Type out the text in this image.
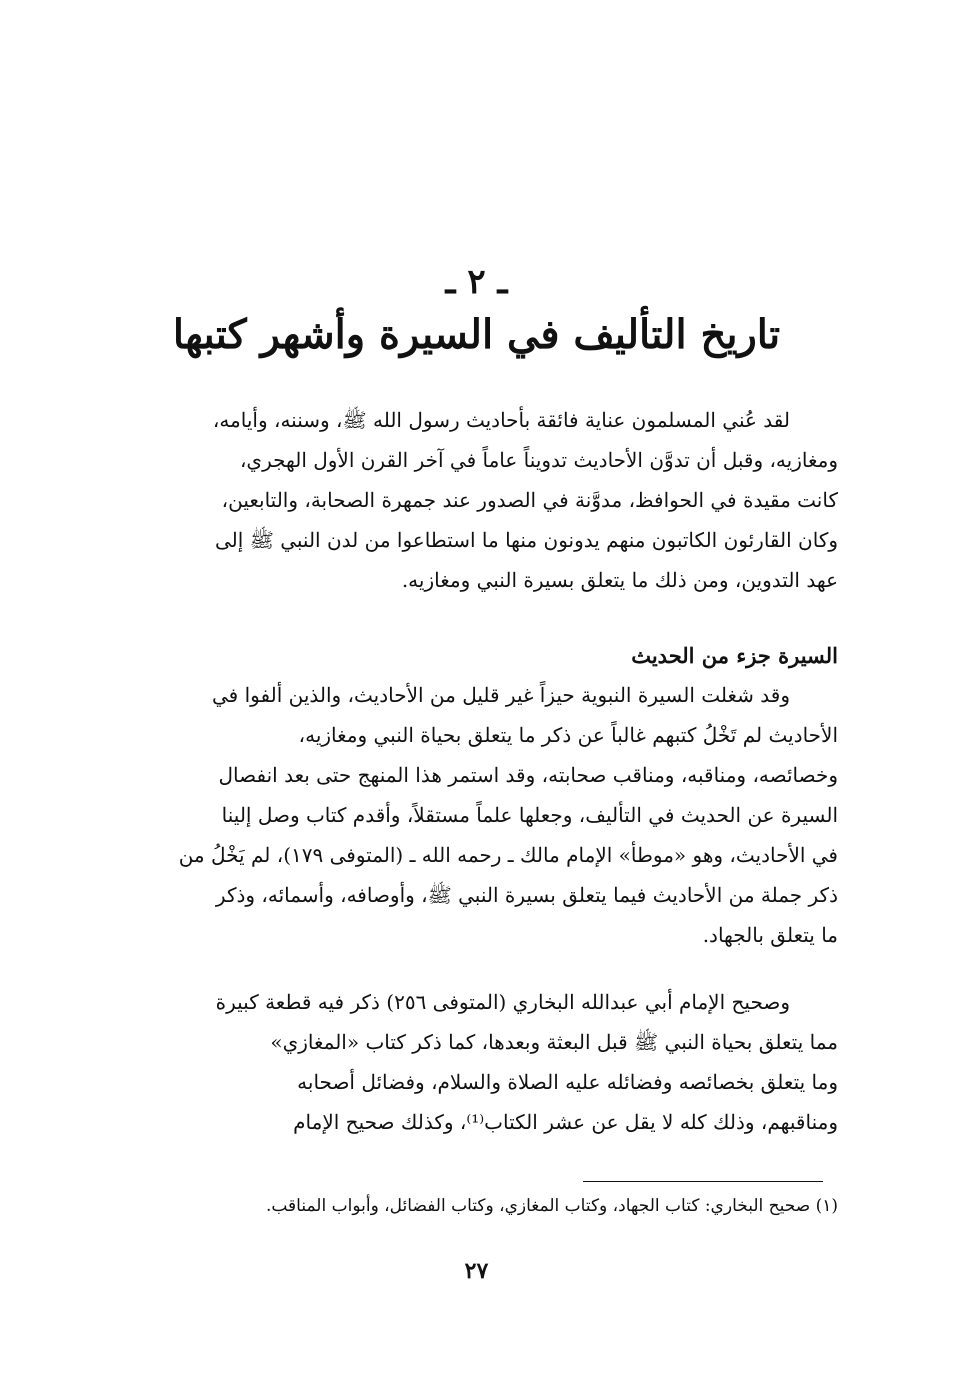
ـ ٢ ـ
تاريخ التأليف في السيرة وأشهر كتبها
لقد عُني المسلمون عناية فائقة بأحاديث رسول الله ﷺ، وسننه، وأيامه،
ومغازيه، وقبل أن تدوَّن الأحاديث تدويناً عاماً في آخر القرن الأول الهجري،
كانت مقيدة في الحوافظ، مدوَّنة في الصدور عند جمهرة الصحابة، والتابعين،
وكان القارئون الكاتبون منهم يدونون منها ما استطاعوا من لدن النبي ﷺ إلى
عهد التدوين، ومن ذلك ما يتعلق بسيرة النبي ومغازيه.
السيرة جزء من الحديث
وقد شغلت السيرة النبوية حيزاً غير قليل من الأحاديث، والذين ألفوا في
الأحاديث لم تَخْلُ كتبهم غالباً عن ذكر ما يتعلق بحياة النبي ومغازيه،
وخصائصه، ومناقبه، ومناقب صحابته، وقد استمر هذا المنهج حتى بعد انفصال
السيرة عن الحديث في التأليف، وجعلها علماً مستقلاً، وأقدم كتاب وصل إلينا
في الأحاديث، وهو «موطأ» الإمام مالك ـ رحمه الله ـ (المتوفى ١٧٩)، لم يَخْلُ من
ذكر جملة من الأحاديث فيما يتعلق بسيرة النبي ﷺ، وأوصافه، وأسمائه، وذكر
ما يتعلق بالجهاد.
وصحيح الإمام أبي عبدالله البخاري (المتوفى ٢٥٦) ذكر فيه قطعة كبيرة
مما يتعلق بحياة النبي ﷺ قبل البعثة وبعدها، كما ذكر كتاب «المغازي»
وما يتعلق بخصائصه وفضائله عليه الصلاة والسلام، وفضائل أصحابه
ومناقبهم، وذلك كله لا يقل عن عشر الكتاب⁽¹⁾، وكذلك صحيح الإمام
(١) صحيح البخاري: كتاب الجهاد، وكتاب المغازي، وكتاب الفضائل، وأبواب المناقب.
٢٧
